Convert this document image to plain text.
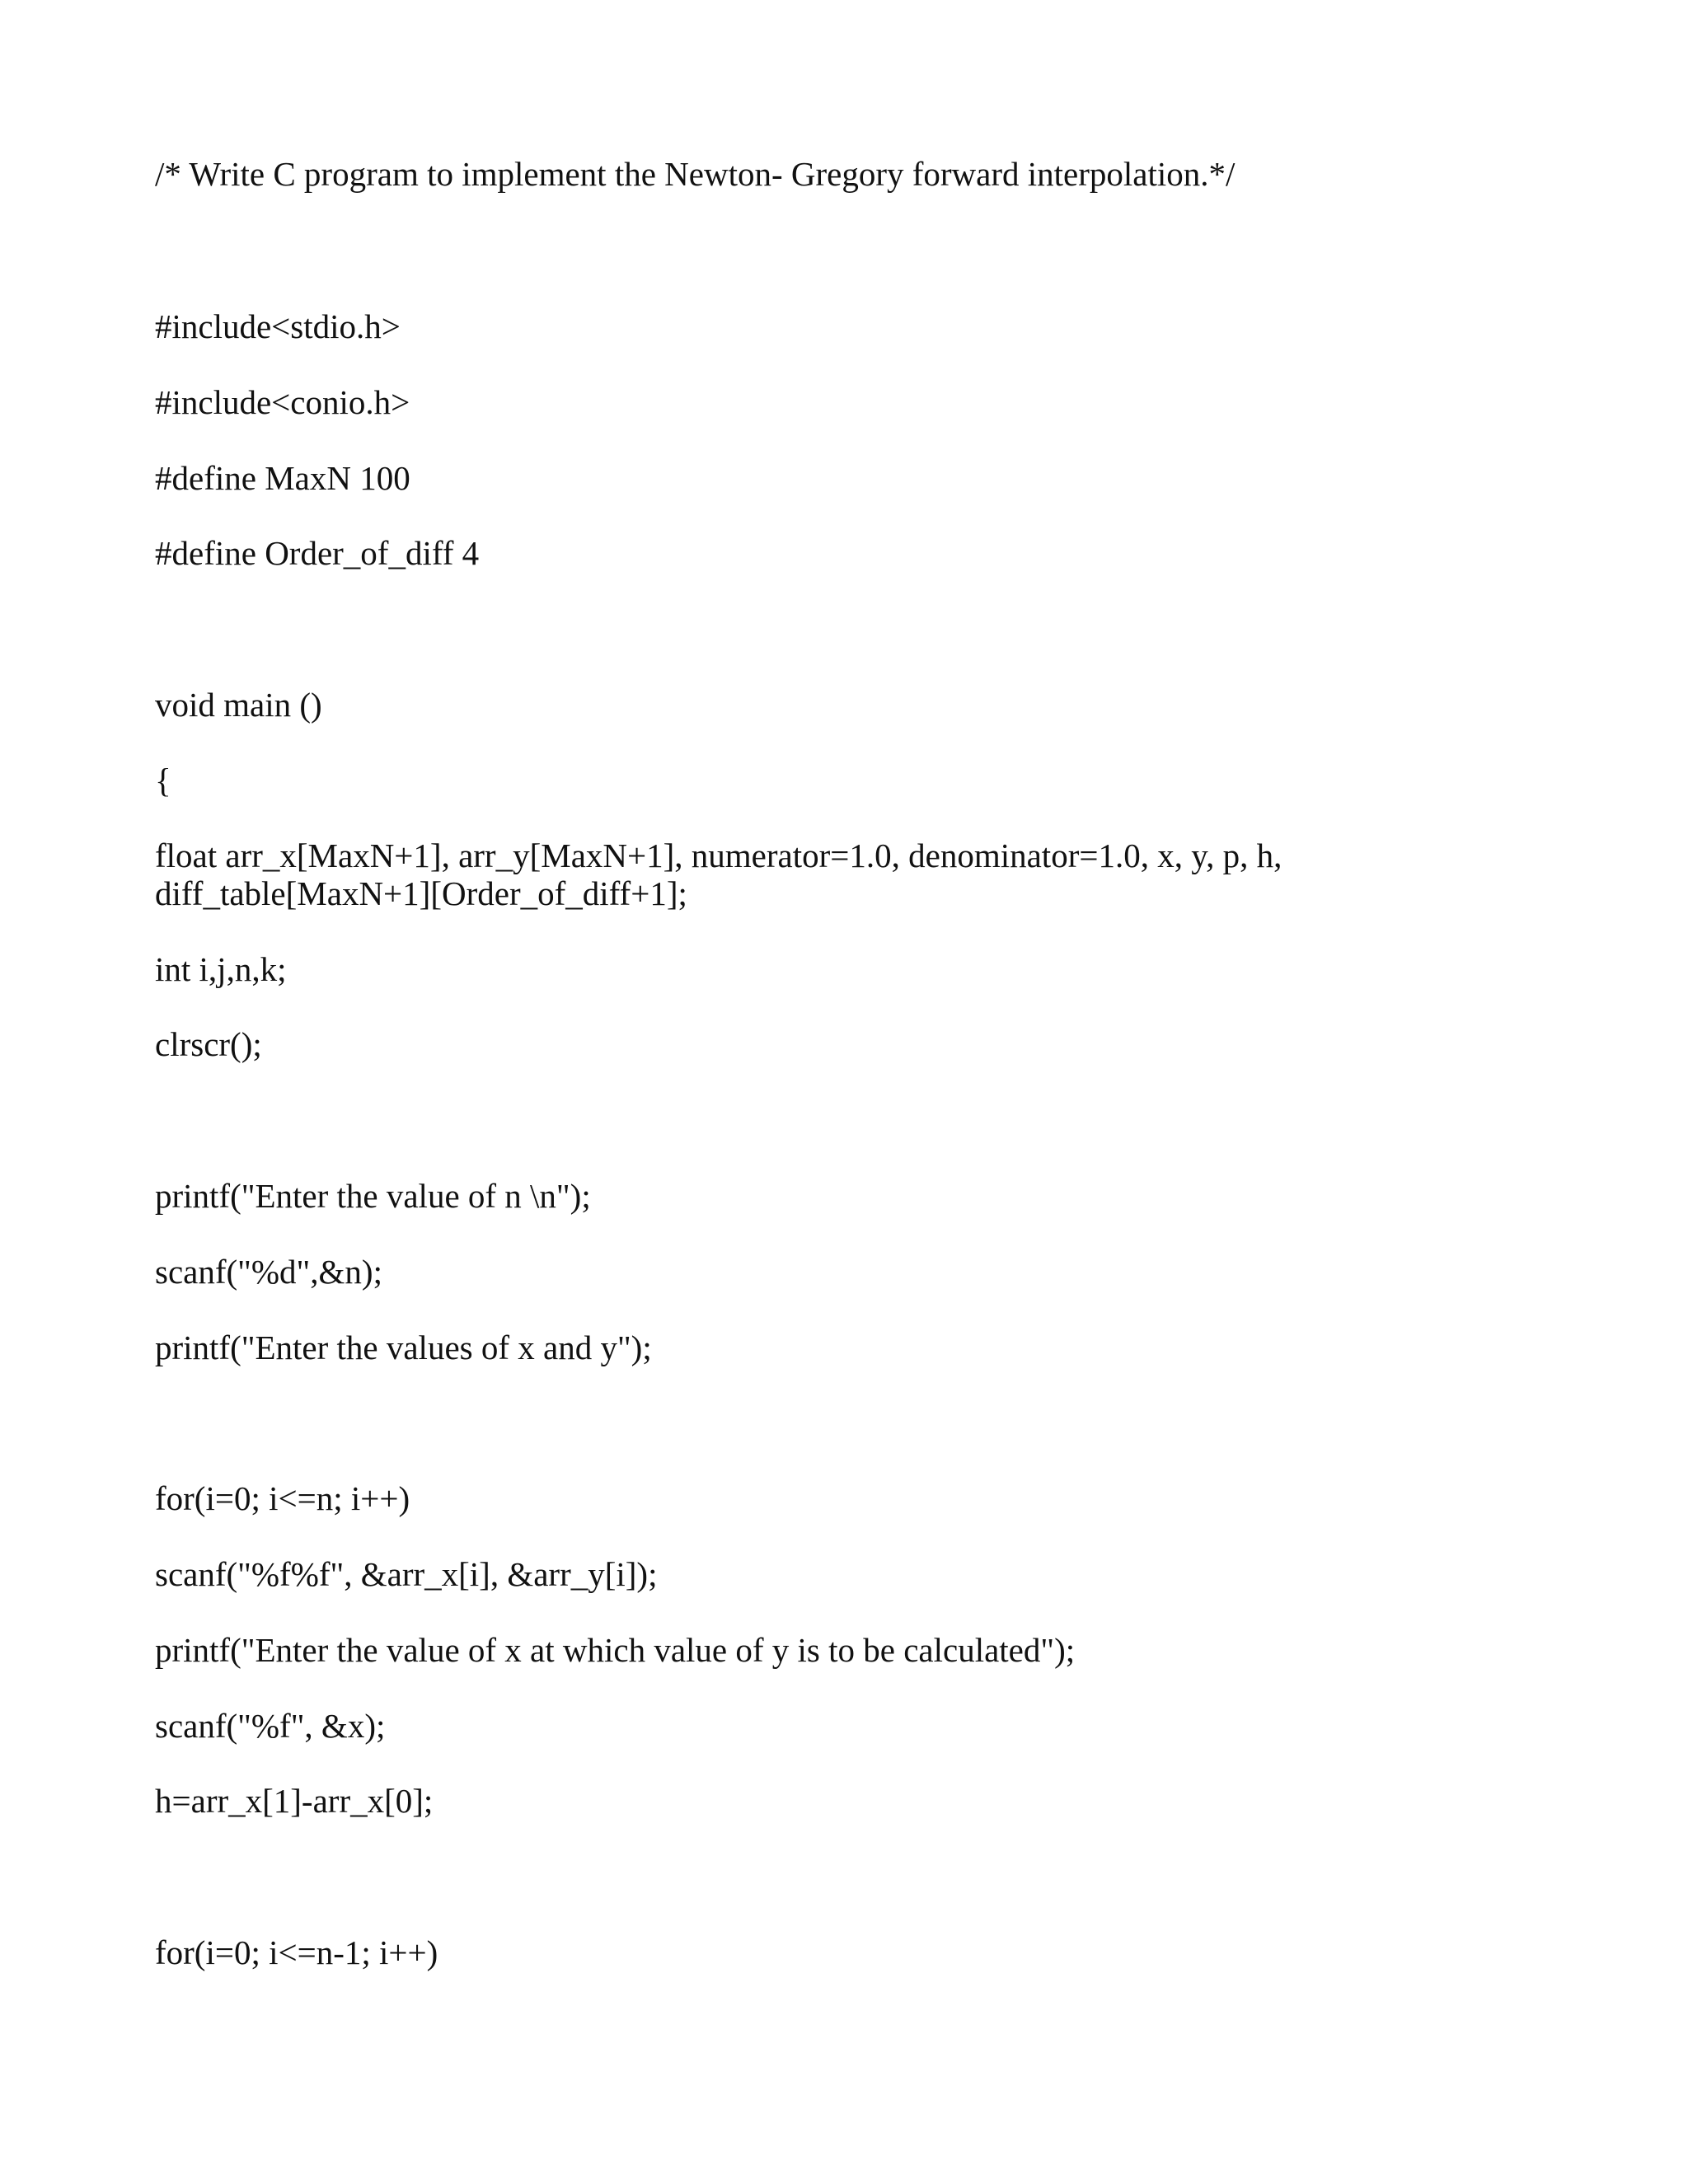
/* Write C program to implement the Newton- Gregory forward interpolation.*/
#include<stdio.h>
#include<conio.h>
#define MaxN 100
#define Order_of_diff 4
void main ()
{
float arr_x[MaxN+1], arr_y[MaxN+1], numerator=1.0, denominator=1.0, x, y, p, h,
diff_table[MaxN+1][Order_of_diff+1];
int i,j,n,k;
clrscr();
printf("Enter the value of n \n");
scanf("%d",&n);
printf("Enter the values of x and y");
for(i=0; i<=n; i++)
scanf("%f%f", &arr_x[i], &arr_y[i]);
printf("Enter the value of x at which value of y is to be calculated");
scanf("%f", &x);
h=arr_x[1]-arr_x[0];
for(i=0; i<=n-1; i++)
